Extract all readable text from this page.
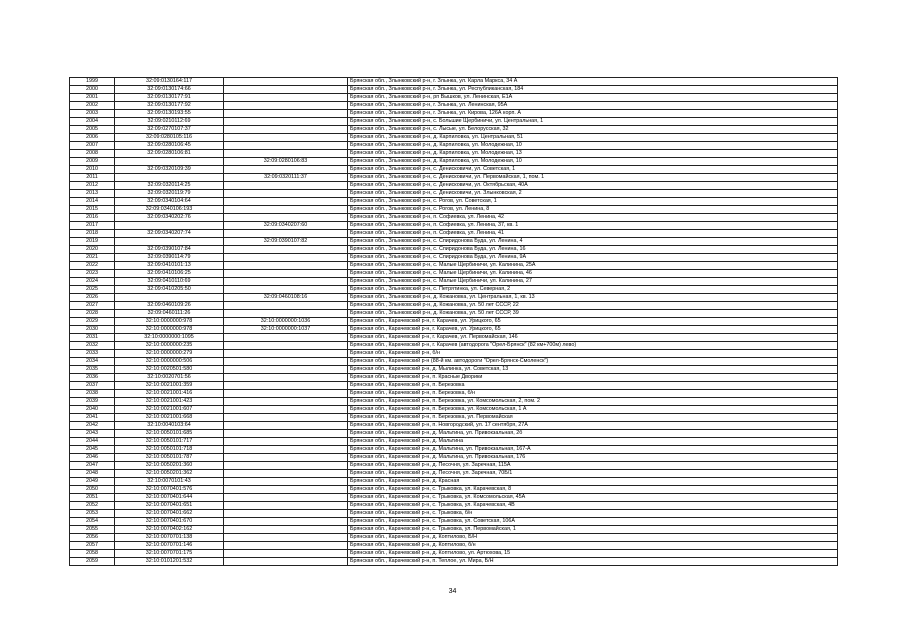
1999	32:09:0130164:117		Брянская обл., Злынковский р-н, г. Злынка, ул. Карла Маркса, 34 А
2000	32:09:0130174:66		Брянская обл., Злынковский р-н, г. Злынка, ул. Республиканская, 184
2001	32:09:0130177:91		Брянская обл., Злынковский р-н, рп Вышков, ул. Ленинская, Е1А
2002	32:09:0130177:92		Брянская обл., Злынковский р-н, г. Злынка, ул. Ленинская, 95А
2003	32:09:0130193:55		Брянская обл., Злынковский р-н, г. Злынка, ул. Кирова, 126А корп. А
2004	32:09:0210112:69		Брянская обл., Злынковский р-н, с. Большие Щербиничи, ул. Центральная, 1
2005	32:09:0270107:37		Брянская обл., Злынковский р-н, с. Лысые, ул. Белорусская, 32
2006	32:09:0280105:116		Брянская обл., Злынковский р-н, д. Карпиловка, ул. Центральная, 51
2007	32:09:0280106:45		Брянская обл., Злынковский р-н, д. Карпиловка, ул. Молодежная, 10
2008	32:09:0280106:81		Брянская обл., Злынковский р-н, д. Карпиловка, ул. Молодежная, 13
2009		32:09:0280106:83	Брянская обл., Злынковский р-н, д. Карпиловка, ул. Молодежная, 10
2010	32:09:0320109:39		Брянская обл., Злынковский р-н, с. Денисковичи, ул. Советская, 1
2011		32:09:0320111:37	Брянская обл., Злынковский р-н, с. Денисковичи, ул. Первомайская, 1, пом. 1
2012	32:09:0320114:25		Брянская обл., Злынковский р-н, с. Денисковичи, ул. Октябрьская, 40А
2013	32:09:0320119:79		Брянская обл., Злынковский р-н, с. Денисковичи, ул. Злынковская, 2
2014	32:09:0340104:64		Брянская обл., Злынковский р-н, с. Рогов, ул. Советская, 1
2015	32:09:0340106:193		Брянская обл., Злынковский р-н, с. Рогов, ул. Ленина, 8
2016	32:09:0340202:76		Брянская обл., Злынковский р-н, п. Софиевка, ул. Ленина, 42
2017		32:09:0340207:60	Брянская обл., Злынковский р-н, п. Софиевка, ул. Ленина, 37, кв. 1
2018	32:09:0340207:74		Брянская обл., Злынковский р-н, п. Софиевка, ул. Ленина, 41
2019		32:09:0390107:82	Брянская обл., Злынковский р-н, с. Спиридонова Буда, ул. Ленина, 4
2020	32:09:0390107:84		Брянская обл., Злынковский р-н, с. Спиридонова Буда, ул. Ленина, 16
2021	32:09:0390114:79		Брянская обл., Злынковский р-н, с. Спиридонова Буда, ул. Ленина, 9А
2022	32:09:0410101:13		Брянская обл., Злынковский р-н, с. Малые Щербиничи, ул. Калинина, 25А
2023	32:09:0410106:25		Брянская обл., Злынковский р-н, с. Малые Щербиничи, ул. Калинина, 46
2024	32:09:0410110:69		Брянская обл., Злынковский р-н, с. Малые Щербиничи, ул. Калинина, 27
2025	32:09:0410205:50		Брянская обл., Злынковский р-н, с. Петрятинка, ул. Северная, 2
2026		32:09:0460108:16	Брянская обл., Злынковский р-н, д. Кожановка, ул. Центральная, 1, кв. 13
2027	32:09:0460109:26		Брянская обл., Злынковский р-н, д. Кожановка, ул. 50 лет СССР, 22
2028	32:09:0460111:26		Брянская обл., Злынковский р-н, д. Кожановка, ул. 50 лет СССР, 39
2029	32:10:0000000:978	32:10:0000000:1036	Брянская обл., Карачевский р-н, г. Карачев, ул. Урицкого, 65
2030	32:10:0000000:978	32:10:0000000:1037	Брянская обл., Карачевский р-н, г. Карачев, ул. Урицкого, 65
2031	32:10:0000000:1095		Брянская обл., Карачевский р-н, г. Карачев, ул. Первомайская, 146
2032	32:10:0000000:235		Брянская обл., Карачевский р-н, г. Карачев (автодорога "Орел-Брянск" (82 км+700м) лево)
2033	32:10:0000000:279		Брянская обл., Карачевский р-н, б/н
2034	32:10:0000000:506		Брянская обл., Карачевский р-н (88-й км. автодороги "Орел-Брянск-Смоленск")
2035	32:10:0020501:580		Брянская обл., Карачевский р-н, д. Мылинка, ул. Советская, 13
2036	32:10:0020701:56		Брянская обл., Карачевский р-н, п. Красные Дворики
2037	32:10:0021001:359		Брянская обл., Карачевский р-н, п. Березовка
2038	32:10:0021001:416		Брянская обл., Карачевский р-н, п. Березовка, б/н
2039	32:10:0021001:423		Брянская обл., Карачевский р-н, п. Березовка, ул. Комсомольская, 2, пом. 2
2040	32:10:0021001:607		Брянская обл., Карачевский р-н, п. Березовка, ул. Комсомольская, 1 А
2041	32:10:0021001:668		Брянская обл., Карачевский р-н, п. Березовка, ул. Первомайская
2042	32:10:0040103:64		Брянская обл., Карачевский р-н, п. Новгородский, ул. 17 сентября, 27А
2043	32:10:0050101:685		Брянская обл., Карачевский р-н, д. Мальтина, ул. Привокзальная, 2б
2044	32:10:0050101:717		Брянская обл., Карачевский р-н, д. Мальтина
2045	32:10:0050101:718		Брянская обл., Карачевский р-н, д. Мальтина, ул. Привокзальная, 167-А
2046	32:10:0050101:787		Брянская обл., Карачевский р-н, д. Мальтина, ул. Привокзальная, 176
2047	32:10:0050201:360		Брянская обл., Карачевский р-н, д. Песочня, ул. Заречная, 115А
2048	32:10:0050201:362		Брянская обл., Карачевский р-н, д. Песочня, ул. Заречная, 70Б/1
2049	32:10:0070101:43		Брянская обл., Карачевский р-н, д. Красная
2050	32:10:0070401:576		Брянская обл., Карачевский р-н, с. Трыковка, ул. Карачевская, 8
2051	32:10:0070401:644		Брянская обл., Карачевский р-н, с. Трыковка, ул. Комсомольская, 45А
2052	32:10:0070401:651		Брянская обл., Карачевский р-н, с. Трыковка, ул. Карачевская, 4В
2053	32:10:0070401:662		Брянская обл., Карачевский р-н, с. Трыковка, б/н
2054	32:10:0070401:670		Брянская обл., Карачевский р-н, с. Трыковка, ул. Советская, 106А
2055	32:10:0070402:162		Брянская обл., Карачевский р-н, с. Трыковка, ул. Первомайская, 1
2056	32:10:0070701:138		Брянская обл., Карачевский р-н, д. Коптилово, Б/Н
2057	32:10:0070701:146		Брянская обл., Карачевский р-н, д. Коптилово, б/н
2058	32:10:0070701:175		Брянская обл., Карачевский р-н, д. Коптилово, ул. Артюхова, 15
2059	32:10:0101201:532		Брянская обл., Карачевский р-н, п. Теплое, ул. Мира, Б/Н
34
